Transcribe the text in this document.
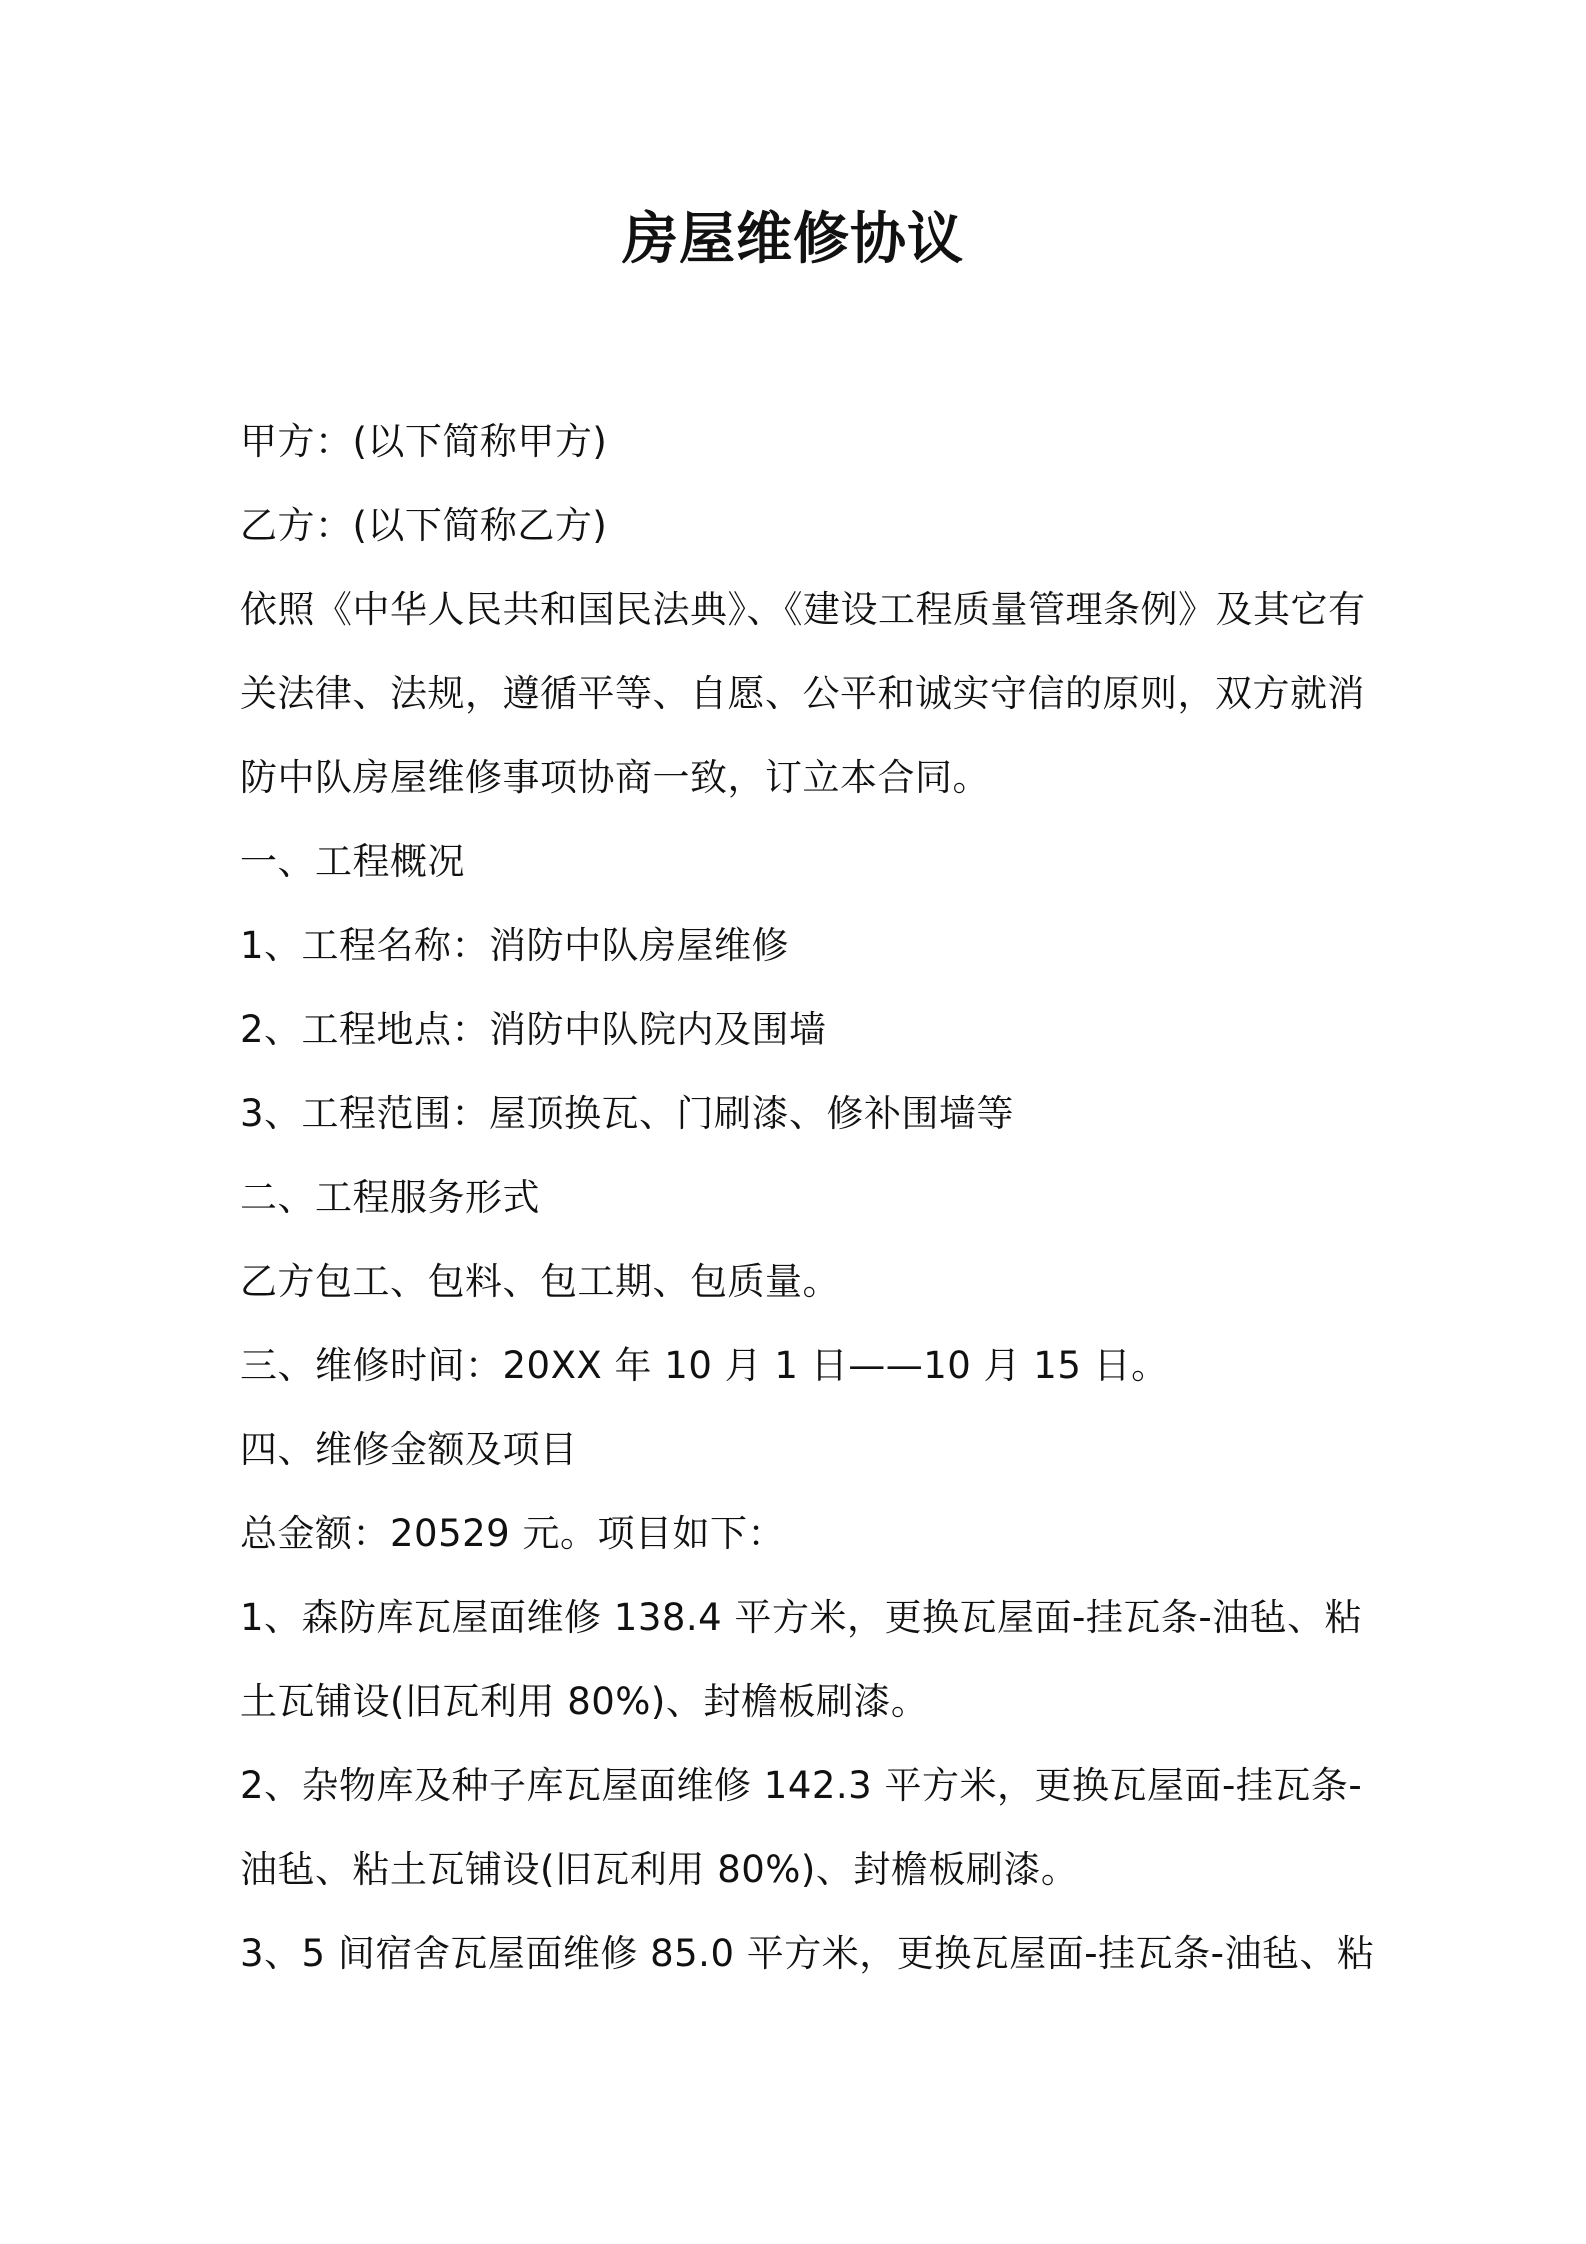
房屋维修协议
甲方：(以下简称甲方)
乙方：(以下简称乙方)
依照《中华人民共和国民法典》、《建设工程质量管理条例》及其它有
关法律、法规，遵循平等、自愿、公平和诚实守信的原则，双方就消
防中队房屋维修事项协商一致，订立本合同。
一、工程概况
1、工程名称：消防中队房屋维修
2、工程地点：消防中队院内及围墙
3、工程范围：屋顶换瓦、门刷漆、修补围墙等
二、工程服务形式
乙方包工、包料、包工期、包质量。
三、维修时间：20XX 年 10 月 1 日——10 月 15 日。
四、维修金额及项目
总金额：20529 元。项目如下：
1、森防库瓦屋面维修 138.4 平方米，更换瓦屋面-挂瓦条-油毡、粘
土瓦铺设(旧瓦利用 80%)、封檐板刷漆。
2、杂物库及种子库瓦屋面维修 142.3 平方米，更换瓦屋面-挂瓦条-
油毡、粘土瓦铺设(旧瓦利用 80%)、封檐板刷漆。
3、5 间宿舍瓦屋面维修 85.0 平方米，更换瓦屋面-挂瓦条-油毡、粘
